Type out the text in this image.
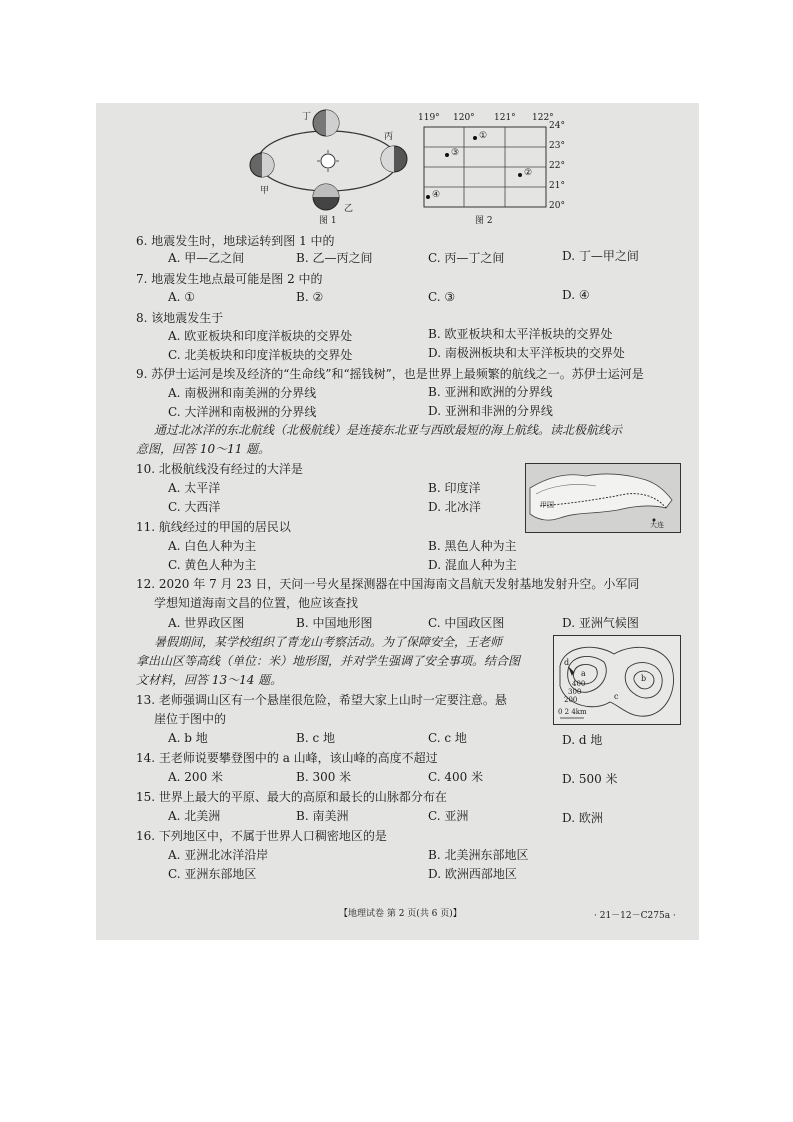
丁
丙
甲
乙
图 1
119° 120° 121° 122°
①
③
②
④
24°
23°
22°
21°
20°
图 2
6. 地震发生时，地球运转到图 1 中的
A. 甲—乙之间	B. 乙—丙之间	C. 丙—丁之间	D. 丁—甲之间
7. 地震发生地点最可能是图 2 中的
A. ①	B. ②	C. ③	D. ④
8. 该地震发生于
A. 欧亚板块和印度洋板块的交界处	B. 欧亚板块和太平洋板块的交界处
C. 北美板块和印度洋板块的交界处	D. 南极洲板块和太平洋板块的交界处
9. 苏伊士运河是埃及经济的“生命线”和“摇钱树”，也是世界上最频繁的航线之一。苏伊士运河是
A. 南极洲和南美洲的分界线	B. 亚洲和欧洲的分界线
C. 大洋洲和南极洲的分界线	D. 亚洲和非洲的分界线
通过北冰洋的东北航线（北极航线）是连接东北亚与西欧最短的海上航线。读北极航线示
意图，回答 10～11 题。
10. 北极航线没有经过的大洋是
A. 太平洋	B. 印度洋
C. 大西洋	D. 北冰洋	甲国
大连
11. 航线经过的甲国的居民以
A. 白色人种为主	B. 黑色人种为主
C. 黄色人种为主	D. 混血人种为主
12. 2020 年 7 月 23 日，天问一号火星探测器在中国海南文昌航天发射基地发射升空。小军同
学想知道海南文昌的位置，他应该查找
A. 世界政区图	B. 中国地形图	C. 中国政区图	D. 亚洲气候图
暑假期间，某学校组织了青龙山考察活动。为了保障安全，王老师
拿出山区等高线（单位：米）地形图，并对学生强调了安全事项。结合图
文材料，回答 13～14 题。	a
b
c
d
400
300
200
0 2 4km
13. 老师强调山区有一个悬崖很危险，希望大家上山时一定要注意。悬
崖位于图中的
A. b 地	B. c 地	C. c 地	D. d 地
14. 王老师说要攀登图中的 a 山峰，该山峰的高度不超过
A. 200 米	B. 300 米	C. 400 米	D. 500 米
15. 世界上最大的平原、最大的高原和最长的山脉都分布在
A. 北美洲	B. 南美洲	C. 亚洲	D. 欧洲
16. 下列地区中，不属于世界人口稠密地区的是
A. 亚洲北冰洋沿岸	B. 北美洲东部地区
C. 亚洲东部地区	D. 欧洲西部地区
【地理试卷 第 2 页(共 6 页)】	· 21－12－C275a ·
